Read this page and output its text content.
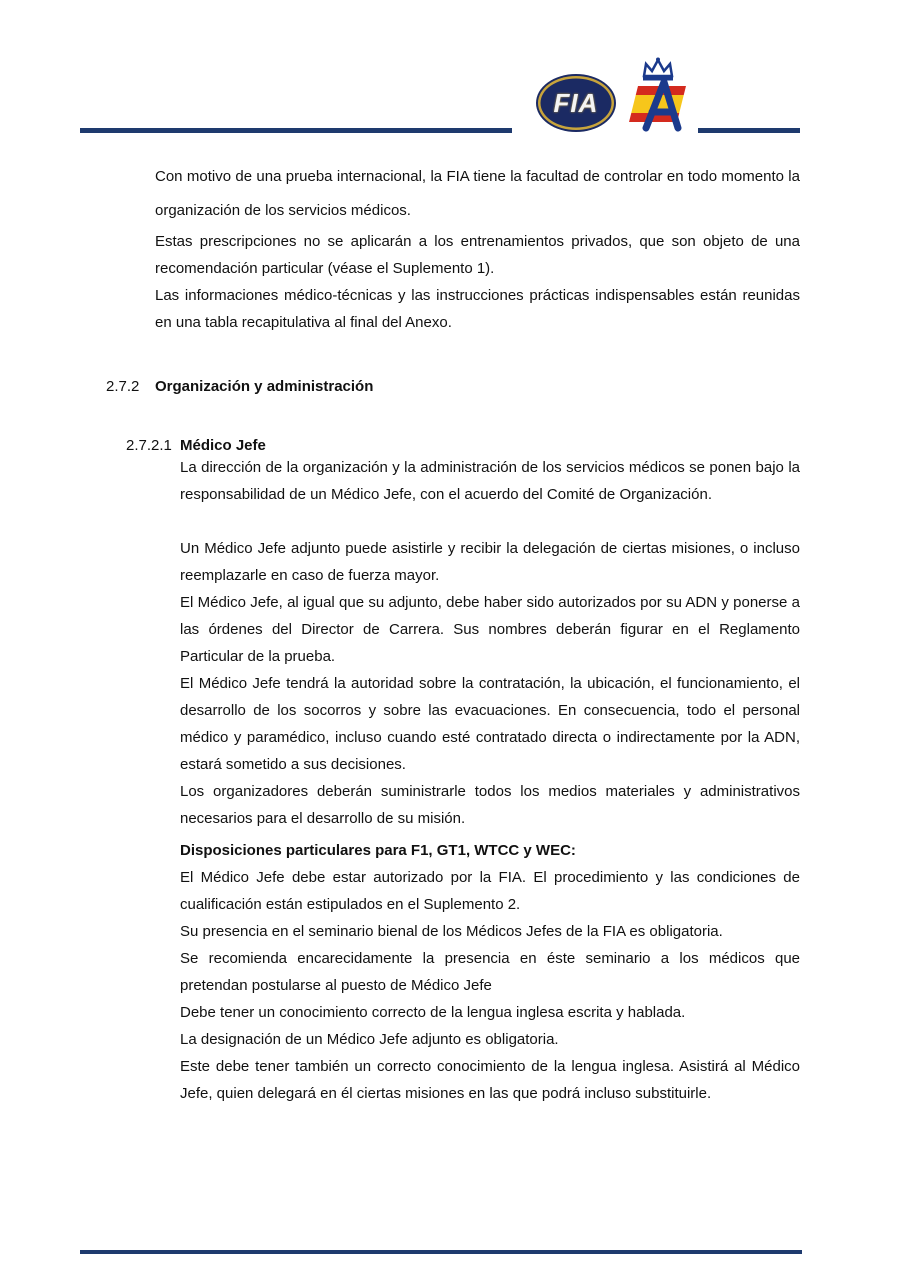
FIA

Con motivo de una prueba internacional, la FIA tiene la facultad de controlar en todo momento la organización de los servicios médicos.

Estas prescripciones no se aplicarán a los entrenamientos privados, que son objeto de una recomendación particular (véase el Suplemento 1).

Las informaciones médico-técnicas y las instrucciones prácticas indispensables están reunidas en una tabla recapitulativa al final del Anexo.

2.7.2	Organización y administración
2.7.2.1 Médico Jefe

La dirección de la organización y la administración de los servicios médicos se ponen bajo la responsabilidad de un Médico Jefe, con el acuerdo del Comité de Organización.

Un Médico Jefe adjunto puede asistirle y recibir la delegación de ciertas misiones, o incluso reemplazarle en caso de fuerza mayor.

El Médico Jefe, al igual que su adjunto, debe haber sido autorizados por su ADN y ponerse a las órdenes del Director de Carrera. Sus nombres deberán figurar en el Reglamento Particular de la prueba.

El Médico Jefe tendrá la autoridad sobre la contratación, la ubicación, el funcionamiento, el desarrollo de los socorros y sobre las evacuaciones. En consecuencia, todo el personal médico y paramédico, incluso cuando esté contratado directa o indirectamente por la ADN, estará sometido a sus decisiones.

Los organizadores deberán suministrarle todos los medios materiales y administrativos necesarios para el desarrollo de su misión.

Disposiciones particulares para F1, GT1, WTCC y WEC:

El Médico Jefe debe estar autorizado por la FIA. El procedimiento y las condiciones de cualificación están estipulados en el Suplemento 2.

Su presencia en el seminario bienal de los Médicos Jefes de la FIA es obligatoria.

Se recomienda encarecidamente la presencia en éste seminario a los médicos que pretendan postularse al puesto de Médico Jefe

Debe tener un conocimiento correcto de la lengua inglesa escrita y hablada.

La designación de un Médico Jefe adjunto es obligatoria.

Este debe tener también un correcto conocimiento de la lengua inglesa. Asistirá al Médico Jefe, quien delegará en él ciertas misiones en las que podrá incluso substituirle.
